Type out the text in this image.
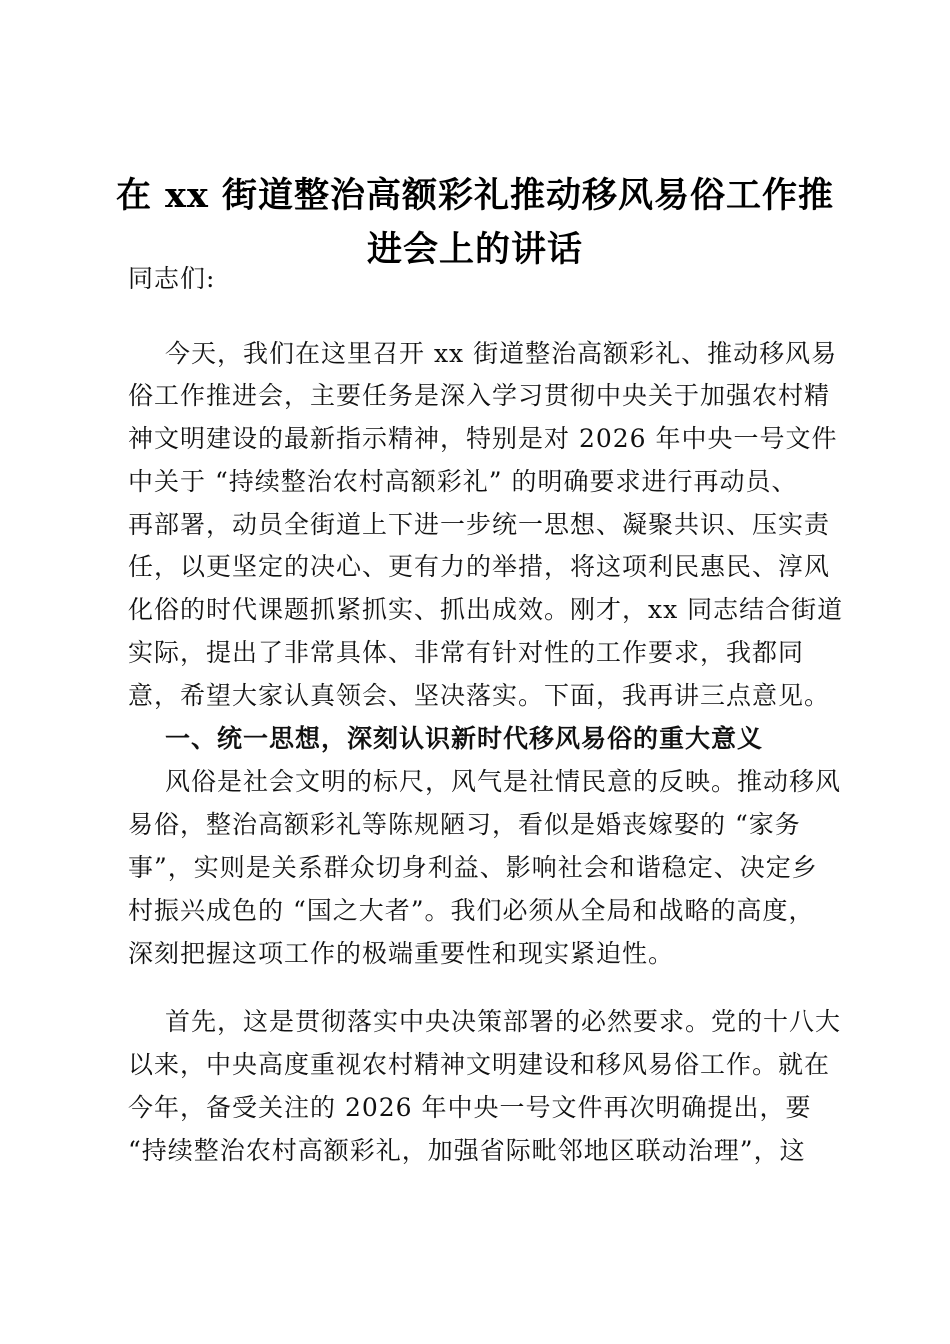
在 xx 街道整治高额彩礼推动移风易俗工作推
进会上的讲话
同志们:
今天，我们在这里召开 xx 街道整治高额彩礼、推动移风易
俗工作推进会，主要任务是深入学习贯彻中央关于加强农村精
神文明建设的最新指示精神，特别是对 2026 年中央一号文件
中关于 “持续整治农村高额彩礼” 的明确要求进行再动员、
再部署，动员全街道上下进一步统一思想、凝聚共识、压实责
任，以更坚定的决心、更有力的举措，将这项利民惠民、淳风
化俗的时代课题抓紧抓实、抓出成效。刚才，xx 同志结合街道
实际，提出了非常具体、非常有针对性的工作要求，我都同
意，希望大家认真领会、坚决落实。下面，我再讲三点意见。
一、统一思想，深刻认识新时代移风易俗的重大意义
风俗是社会文明的标尺，风气是社情民意的反映。推动移风
易俗，整治高额彩礼等陈规陋习，看似是婚丧嫁娶的 “家务
事”，实则是关系群众切身利益、影响社会和谐稳定、决定乡
村振兴成色的 “国之大者”。我们必须从全局和战略的高度，
深刻把握这项工作的极端重要性和现实紧迫性。
首先，这是贯彻落实中央决策部署的必然要求。党的十八大
以来，中央高度重视农村精神文明建设和移风易俗工作。就在
今年，备受关注的 2026 年中央一号文件再次明确提出，要
“持续整治农村高额彩礼，加强省际毗邻地区联动治理”，这
